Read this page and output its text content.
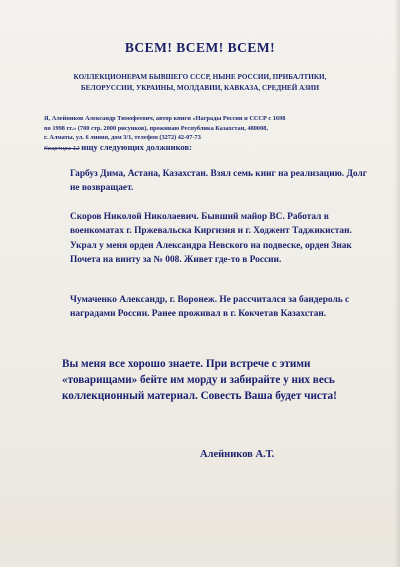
ВСЕМ! ВСЕМ! ВСЕМ!

КОЛЛЕКЦИОНЕРАМ БЫВШЕГО СССР, НЫНЕ РОССИИ, ПРИБАЛТИКИ,
БЕЛОРУССИИ, УКРАИНЫ, МОЛДАВИИ, КАВКАЗА, СРЕДНЕЙ АЗИИ

Я, Алейников Александр Тимофеевич, автор книги «Награды России и СССР с 1698
по 1998 гг.» (700 стр. 2000 рисунков), проживаю Республика Казахстан, 480008,
г. Алматы, ул. 6 линия, дом 3/1, телефон (3272) 42-07-73
Квартира 12 ищу следующих должников:

Гарбуз Дима, Астана, Казахстан. Взял семь книг на реализацию. Долг не возвращает.

Скоров Николой Николаевич. Бывший майор ВС. Работал в военкоматах г. Пржевальска Киргизия и г. Ходжент Таджикистан. Украл у меня орден Александра Невского на подвеске, орден Знак Почета на винту за № 008. Живет где-то в России.

Чумаченко Александр, г. Воронеж. Не рассчитался за бандероль с наградами России. Ранее проживал в г. Кокчетав Казахстан.

Вы меня все хорошо знаете. При встрече с этими «товарищами» бейте им морду и забирайте у них весь коллекционный материал. Совесть Ваша будет чиста!

Алейников А.Т.
